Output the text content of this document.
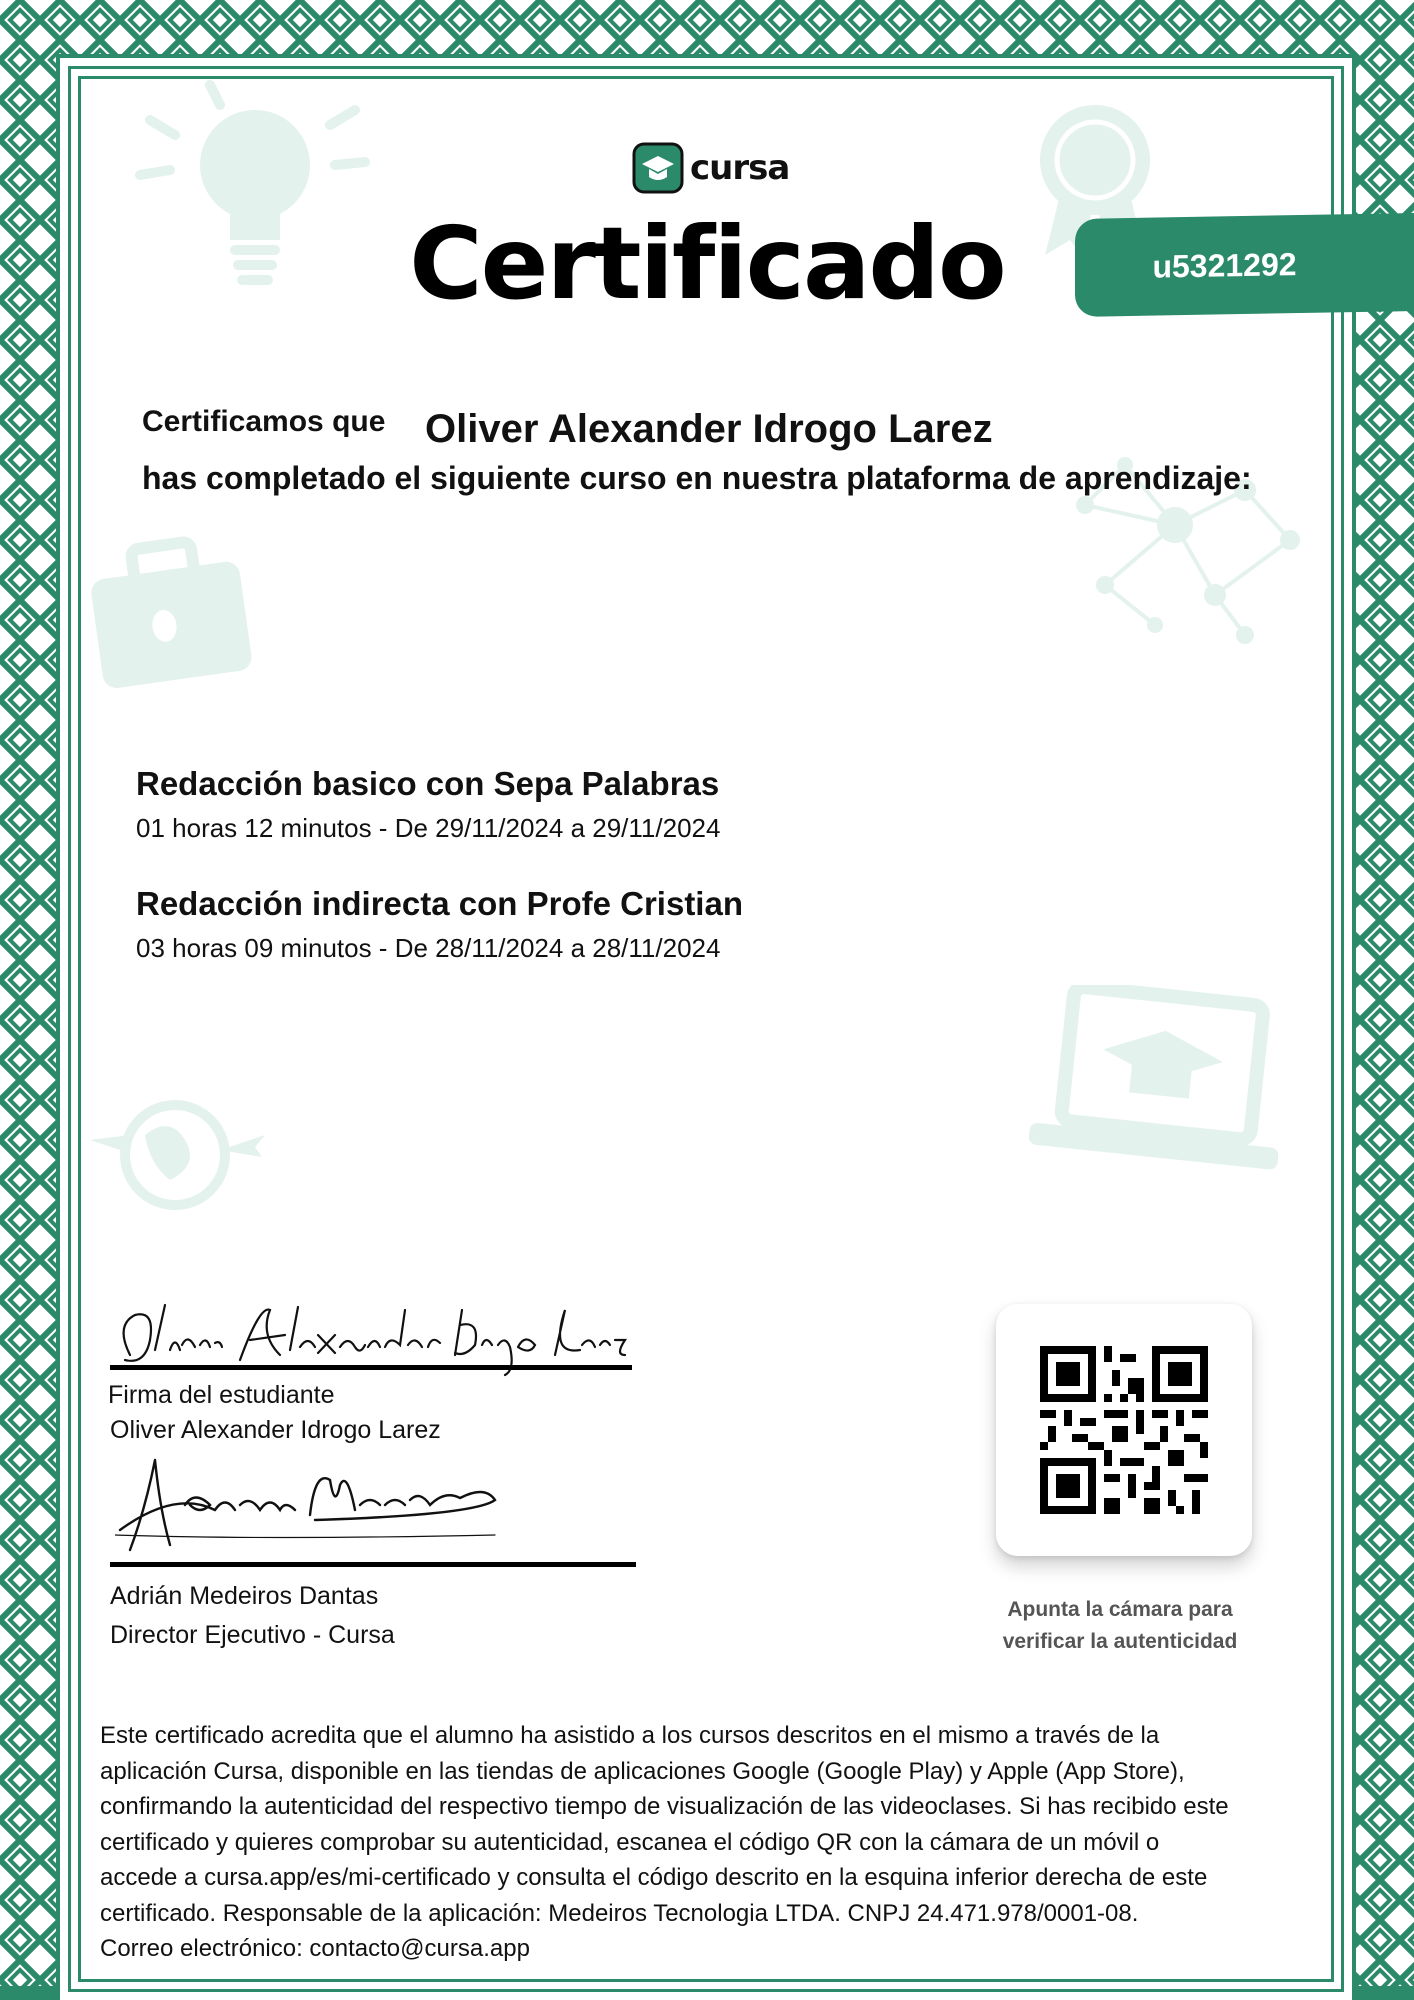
cursa
Certificado	u5321292
Certificamos que Oliver Alexander Idrogo Larez
has completado el siguiente curso en nuestra plataforma de aprendizaje:
Redacción basico con Sepa Palabras
01 horas 12 minutos - De 29/11/2024 a 29/11/2024
Redacción indirecta con Profe Cristian
03 horas 09 minutos - De 28/11/2024 a 28/11/2024
Firma del estudiante
Oliver Alexander Idrogo Larez
Adrián Medeiros Dantas
Director Ejecutivo - Cursa
Apunta la cámara para
verificar la autenticidad
Este certificado acredita que el alumno ha asistido a los cursos descritos en el mismo a través de la
aplicación Cursa, disponible en las tiendas de aplicaciones Google (Google Play) y Apple (App Store),
confirmando la autenticidad del respectivo tiempo de visualización de las videoclases. Si has recibido este
certificado y quieres comprobar su autenticidad, escanea el código QR con la cámara de un móvil o
accede a cursa.app/es/mi-certificado y consulta el código descrito en la esquina inferior derecha de este
certificado. Responsable de la aplicación: Medeiros Tecnologia LTDA. CNPJ 24.471.978/0001-08.
Correo electrónico: contacto@cursa.app
